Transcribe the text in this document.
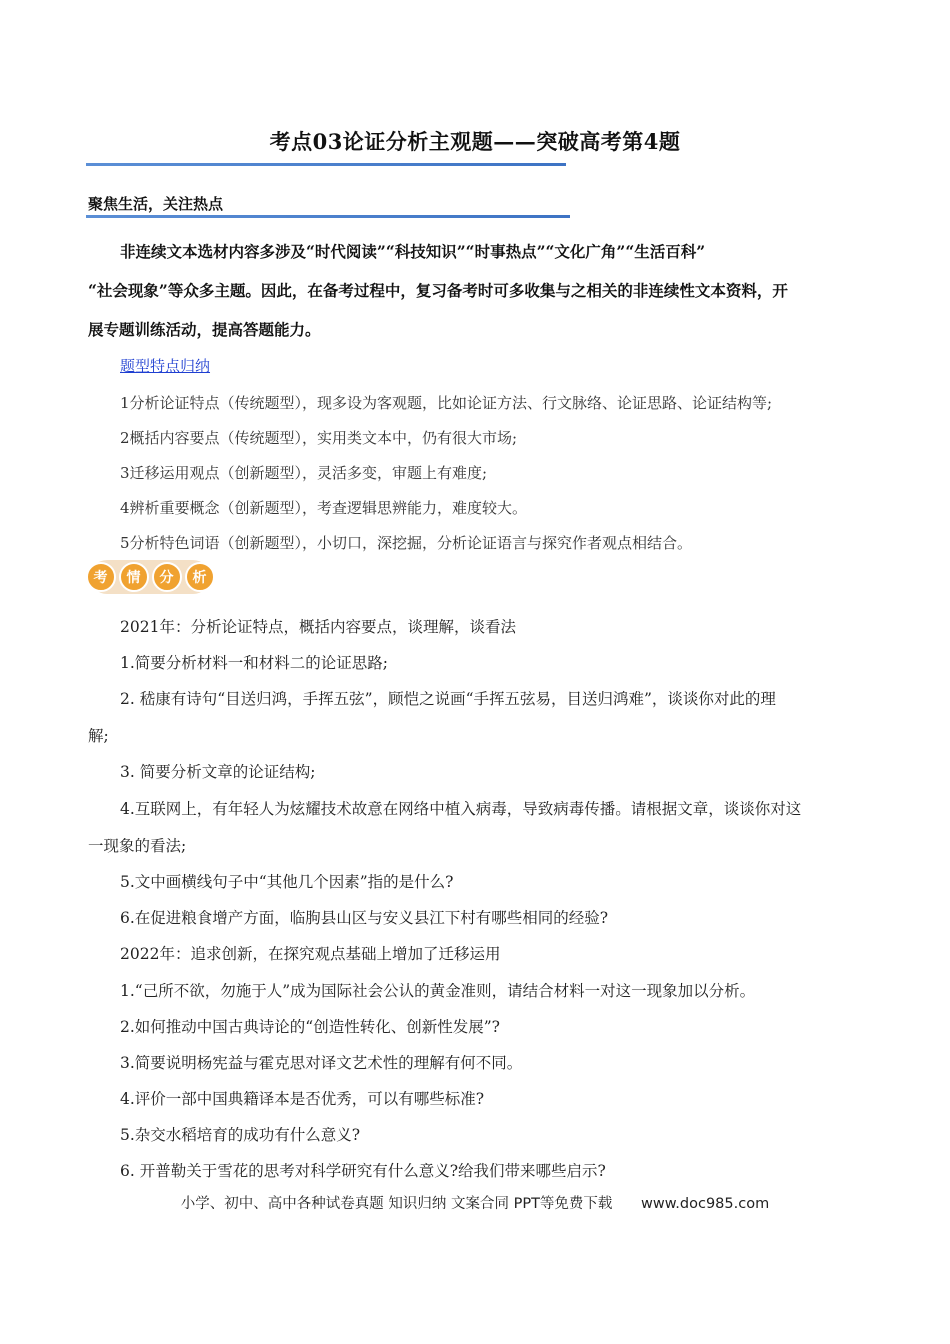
考点03论证分析主观题——突破高考第4题
聚焦生活，关注热点

非连续文本选材内容多涉及“时代阅读”“科技知识”“时事热点”“文化广角”“生活百科”

“社会现象”等众多主题。因此，在备考过程中，复习备考时可多收集与之相关的非连续性文本资料，开

展专题训练活动，提高答题能力。

题型特点归纳
1分析论证特点（传统题型），现多设为客观题，比如论证方法、行文脉络、论证思路、论证结构等;
2概括内容要点（传统题型），实用类文本中，仍有很大市场;
3迁移运用观点（创新题型），灵活多变，审题上有难度;
4辨析重要概念（创新题型），考查逻辑思辨能力，难度较大。
5分析特色词语（创新题型），小切口，深挖掘，分析论证语言与探究作者观点相结合。
考	情	分	析
2021年：分析论证特点，概括内容要点，谈理解，谈看法
1.简要分析材料一和材料二的论证思路;
2. 嵇康有诗句“目送归鸿，手挥五弦”，顾恺之说画“手挥五弦易，目送归鸿难”，谈谈你对此的理
解;
3. 简要分析文章的论证结构;
4.互联网上，有年轻人为炫耀技术故意在网络中植入病毒，导致病毒传播。请根据文章，谈谈你对这
一现象的看法;
5.文中画横线句子中“其他几个因素”指的是什么?
6.在促进粮食增产方面，临朐县山区与安义县江下村有哪些相同的经验?
2022年：追求创新，在探究观点基础上增加了迁移运用
1.“己所不欲，勿施于人”成为国际社会公认的黄金准则，请结合材料一对这一现象加以分析。
2.如何推动中国古典诗论的“创造性转化、创新性发展”?
3.简要说明杨宪益与霍克思对译文艺术性的理解有何不同。
4.评价一部中国典籍译本是否优秀，可以有哪些标准?
5.杂交水稻培育的成功有什么意义?
6. 开普勒关于雪花的思考对科学研究有什么意义?给我们带来哪些启示?
小学、初中、高中各种试卷真题 知识归纳 文案合同 PPT等免费下载 www.doc985.com
